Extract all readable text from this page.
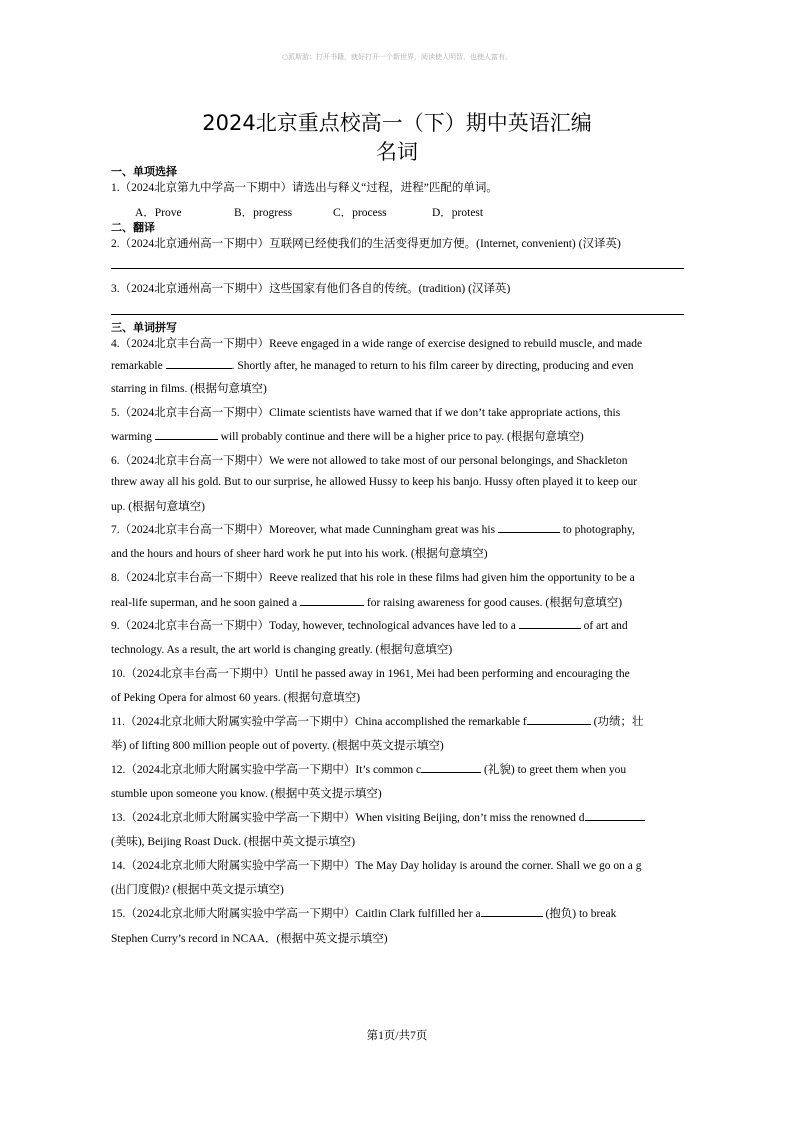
○派斯游：打开书籍，就好打开一个新世界，阅读使人明智，也使人富有。
2024北京重点校高一（下）期中英语汇编
名词
一、单项选择
1.（2024北京第九中学高一下期中）请选出与释义“过程，进程”匹配的单词。
A．Prove	B．progress	C．process	D．protest
二、翻译
2.（2024北京通州高一下期中）互联网已经使我们的生活变得更加方便。(Internet, convenient) (汉译英)
3.（2024北京通州高一下期中）这些国家有他们各自的传统。(tradition) (汉译英)
三、单词拼写
4.（2024北京丰台高一下期中）Reeve engaged in a wide range of exercise designed to rebuild muscle, and made
remarkable	. Shortly after, he managed to return to his film career by directing, producing and even
starring in films. (根据句意填空)
5.（2024北京丰台高一下期中）Climate scientists have warned that if we don’t take appropriate actions, this
warming	will probably continue and there will be a higher price to pay. (根据句意填空)
6.（2024北京丰台高一下期中）We were not allowed to take most of our personal belongings, and Shackleton
threw away all his gold. But to our surprise, he allowed Hussy to keep his banjo. Hussy often played it to keep our
up. (根据句意填空)
7.（2024北京丰台高一下期中）Moreover, what made Cunningham great was his	to photography,
and the hours and hours of sheer hard work he put into his work. (根据句意填空)
8.（2024北京丰台高一下期中）Reeve realized that his role in these films had given him the opportunity to be a
real-life superman, and he soon gained a	for raising awareness for good causes. (根据句意填空)
9.（2024北京丰台高一下期中）Today, however, technological advances have led to a	of art and
technology. As a result, the art world is changing greatly. (根据句意填空)
10.（2024北京丰台高一下期中）Until he passed away in 1961, Mei had been performing and encouraging the
of Peking Opera for almost 60 years. (根据句意填空)
11.（2024北京北师大附属实验中学高一下期中）China accomplished the remarkable f	(功绩；壮
举) of lifting 800 million people out of poverty. (根据中英文提示填空)
12.（2024北京北师大附属实验中学高一下期中）It’s common c	(礼貌) to greet them when you
stumble upon someone you know. (根据中英文提示填空)
13.（2024北京北师大附属实验中学高一下期中）When visiting Beijing, don’t miss the renowned d
(美味), Beijing Roast Duck. (根据中英文提示填空)
14.（2024北京北师大附属实验中学高一下期中）The May Day holiday is around the corner. Shall we go on a g
(出门度假)? (根据中英文提示填空)
15.（2024北京北师大附属实验中学高一下期中）Caitlin Clark fulfilled her a	(抱负) to break
Stephen Curry’s record in NCAA．(根据中英文提示填空)
第1页/共7页
